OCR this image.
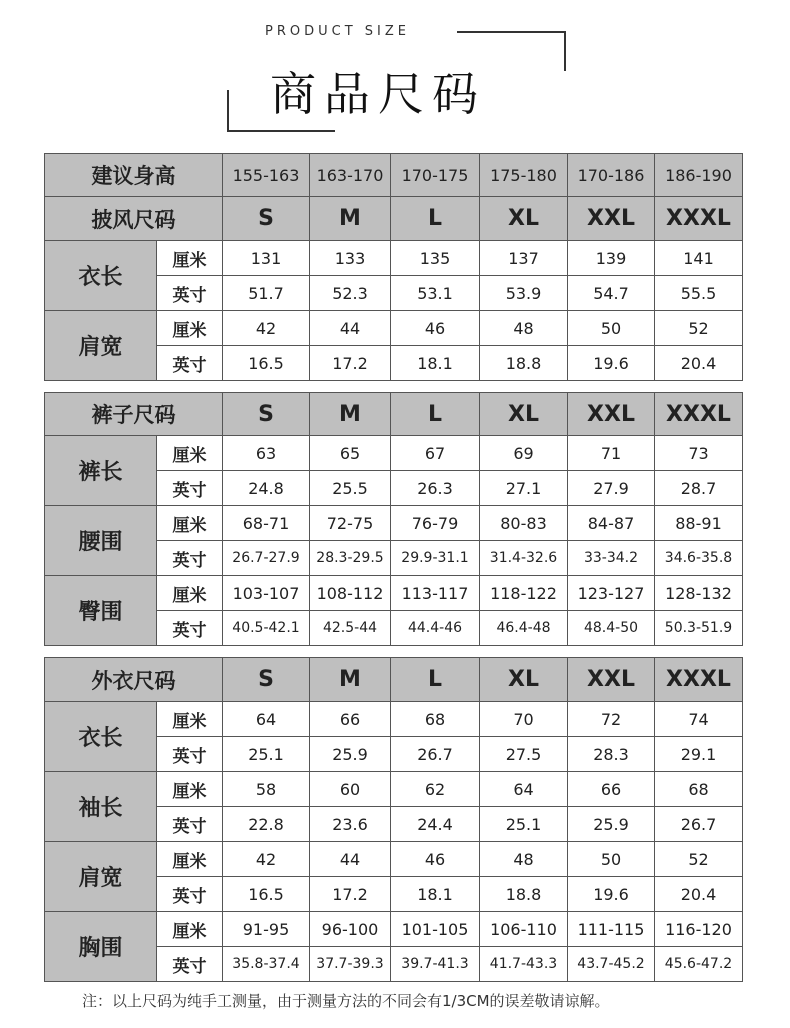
PRODUCT SIZE
商品尺码
建议身高		155-163	163-170	170-175	175-180	170-186	186-190
披风尺码		S	M	L	XL	XXL	XXXL
衣长	厘米	131	133	135	137	139	141
	英寸	51.7	52.3	53.1	53.9	54.7	55.5
肩宽	厘米	42	44	46	48	50	52
	英寸	16.5	17.2	18.1	18.8	19.6	20.4
裤子尺码		S	M	L	XL	XXL	XXXL
裤长	厘米	63	65	67	69	71	73
	英寸	24.8	25.5	26.3	27.1	27.9	28.7
腰围	厘米	68-71	72-75	76-79	80-83	84-87	88-91
	英寸	26.7-27.9	28.3-29.5	29.9-31.1	31.4-32.6	33-34.2	34.6-35.8
臀围	厘米	103-107	108-112	113-117	118-122	123-127	128-132
	英寸	40.5-42.1	42.5-44	44.4-46	46.4-48	48.4-50	50.3-51.9
外衣尺码		S	M	L	XL	XXL	XXXL
衣长	厘米	64	66	68	70	72	74
	英寸	25.1	25.9	26.7	27.5	28.3	29.1
袖长	厘米	58	60	62	64	66	68
	英寸	22.8	23.6	24.4	25.1	25.9	26.7
肩宽	厘米	42	44	46	48	50	52
	英寸	16.5	17.2	18.1	18.8	19.6	20.4
胸围	厘米	91-95	96-100	101-105	106-110	111-115	116-120
	英寸	35.8-37.4	37.7-39.3	39.7-41.3	41.7-43.3	43.7-45.2	45.6-47.2
注：以上尺码为纯手工测量，由于测量方法的不同会有1/3CM的误差敬请谅解。
